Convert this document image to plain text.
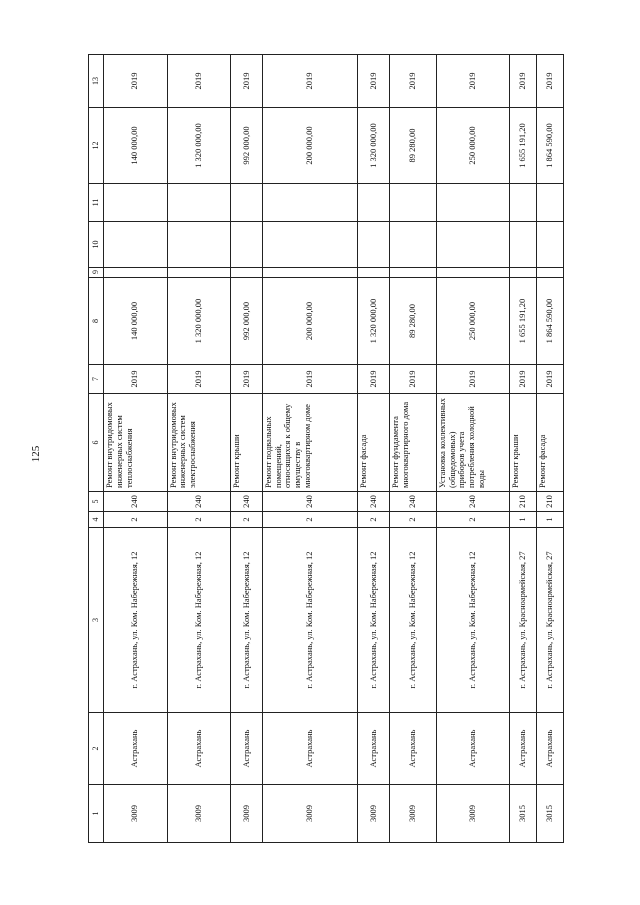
125
1	2	3	4	5	6	7	8	9	10	11	12	13
3009	Астрахань	г. Астрахань, ул. Ком. Набережная, 12	2	240	Ремонт внутридомовых инженерных систем теплоснабжения	2019	140 000,00				140 000,00	2019
3009	Астрахань	г. Астрахань, ул. Ком. Набережная, 12	2	240	Ремонт внутридомовых инженерных систем электроснабжения	2019	1 320 000,00				1 320 000,00	2019
3009	Астрахань	г. Астрахань, ул. Ком. Набережная, 12	2	240	Ремонт крыши	2019	992 000,00				992 000,00	2019
3009	Астрахань	г. Астрахань, ул. Ком. Набережная, 12	2	240	Ремонт подвальных помещений, относящихся к общему имуществу в многоквартирном доме	2019	200 000,00				200 000,00	2019
3009	Астрахань	г. Астрахань, ул. Ком. Набережная, 12	2	240	Ремонт фасада	2019	1 320 000,00				1 320 000,00	2019
3009	Астрахань	г. Астрахань, ул. Ком. Набережная, 12	2	240	Ремонт фундамента многоквартирного дома	2019	89 280,00				89 280,00	2019
3009	Астрахань	г. Астрахань, ул. Ком. Набережная, 12	2	240	Установка коллективных (общедомовых) приборов учета потребления холодной воды	2019	250 000,00				250 000,00	2019
3015	Астрахань	г. Астрахань, ул. Красноармейская, 27	1	210	Ремонт крыши	2019	1 655 191,20				1 655 191,20	2019
3015	Астрахань	г. Астрахань, ул. Красноармейская, 27	1	210	Ремонт фасада	2019	1 864 590,00				1 864 590,00	2019
